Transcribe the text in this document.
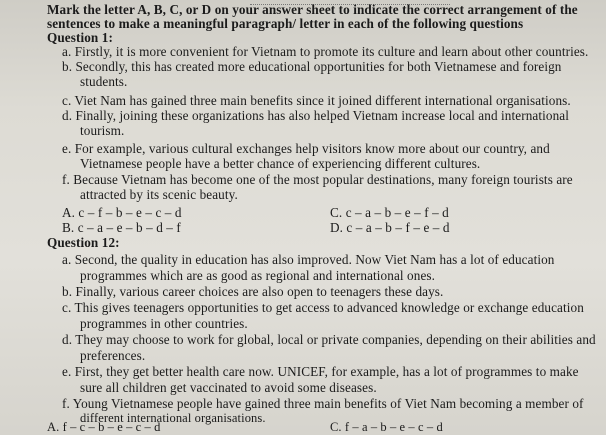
Mark the letter A, B, C, or D on your answer sheet to indicate the correct arrangement of the
sentences to make a meaningful paragraph/ letter in each of the following questions
Question 1:
a. Firstly, it is more convenient for Vietnam to promote its culture and learn about other countries.
b. Secondly, this has created more educational opportunities for both Vietnamese and foreign
students.
c. Viet Nam has gained three main benefits since it joined different international organisations.
d. Finally, joining these organizations has also helped Vietnam increase local and international
tourism.
e. For example, various cultural exchanges help visitors know more about our country, and
Vietnamese people have a better chance of experiencing different cultures.
f. Because Vietnam has become one of the most popular destinations, many foreign tourists are
attracted by its scenic beauty.
A. c – f – b – e – c – d	C. c – a – b – e – f – d
B. c – a – e – b – d – f	D. c – a – b – f – e – d
Question 12:
a. Second, the quality in education has also improved. Now Viet Nam has a lot of education
programmes which are as good as regional and international ones.
b. Finally, various career choices are also open to teenagers these days.
c. This gives teenagers opportunities to get access to advanced knowledge or exchange education
programmes in other countries.
d. They may choose to work for global, local or private companies, depending on their abilities and
preferences.
e. First, they get better health care now. UNICEF, for example, has a lot of programmes to make
sure all children get vaccinated to avoid some diseases.
f. Young Vietnamese people have gained three main benefits of Viet Nam becoming a member of
different international organisations.
A. f – c – b – e – c – d	C. f – a – b – e – c – d
